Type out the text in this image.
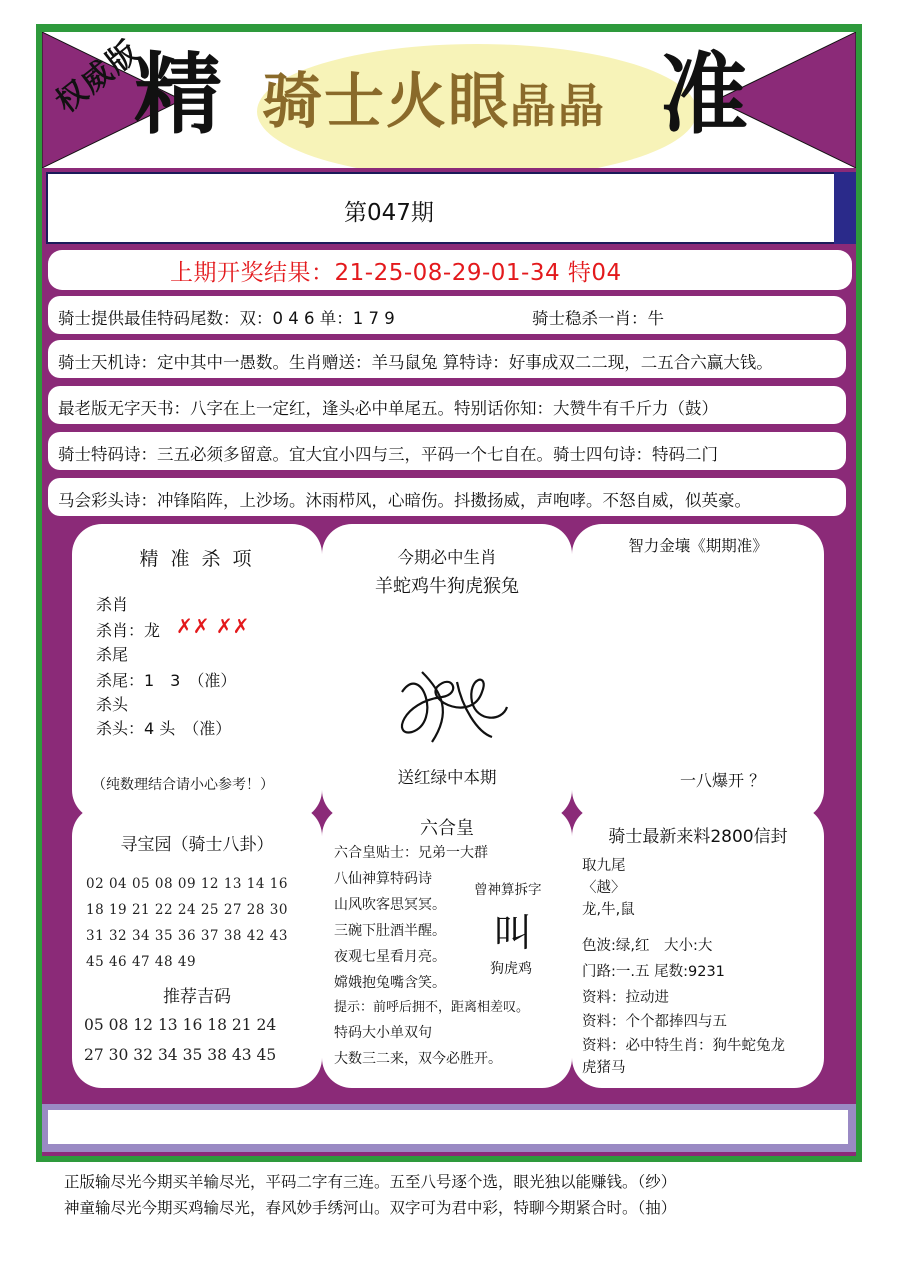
权威版
精 骑士火眼晶晶 准
第047期
上期开奖结果：21-25-08-29-01-34 特04
骑士提供最佳特码尾数：双：0 4 6 单：1 7 9	骑士稳杀一肖：牛
骑士天机诗：定中其中一愚数。生肖赠送：羊马鼠兔 算特诗：好事成双二二现，二五合六赢大钱。
最老版无字天书：八字在上一定红，逢头必中单尾五。特别话你知：大赞牛有千斤力（鼓）
骑士特码诗：三五必须多留意。宜大宜小四与三，平码一个七自在。骑士四句诗：特码二门
马会彩头诗：冲锋陷阵，上沙场。沐雨栉风，心暗伤。抖擞扬威，声咆哮。不怒自威，似英豪。
精 准 杀 项
杀肖
杀肖：龙 ✗✗ ✗✗
杀尾
杀尾：1　3　（准）
杀头
杀头：4 头　（准）
（纯数理结合请小心参考！）
今期必中生肖
羊蛇鸡牛狗虎猴兔
送红绿中本期
智力金壤《期期准》
一八爆开 ？
寻宝园（骑士八卦）
02 04 05 08 09 12 13 14 16
18 19 21 22 24 25 27 28 30
31 32 34 35 36 37 38 42 43
45 46 47 48 49
推荐吉码
05 08 12 13 16 18 21 24
27 30 32 34 35 38 43 45
六合皇
六合皇贴士：兄弟一大群
八仙神算特码诗
山风吹客思冥冥。
三碗下肚酒半醒。
夜观七星看月亮。
嫦娥抱兔嘴含笑。
提示：前呼后拥不，距离相差叹。
特码大小单双句
大数三二来，双今必胜开。
曾神算拆字
叫
狗虎鸡
骑士最新来料2800信封
取九尾
〈越〉
龙,牛,鼠
色波:绿,红　大小:大
门路:一.五 尾数:9231
资料：拉动进
资料：个个都捧四与五
资料：必中特生肖：狗牛蛇兔龙
虎猪马
正版输尽光今期买羊输尽光，平码二字有三连。五至八号逐个选，眼光独以能赚钱。（纱）
神童输尽光今期买鸡输尽光，春风妙手绣河山。双字可为君中彩，特聊今期紧合时。（抽）
